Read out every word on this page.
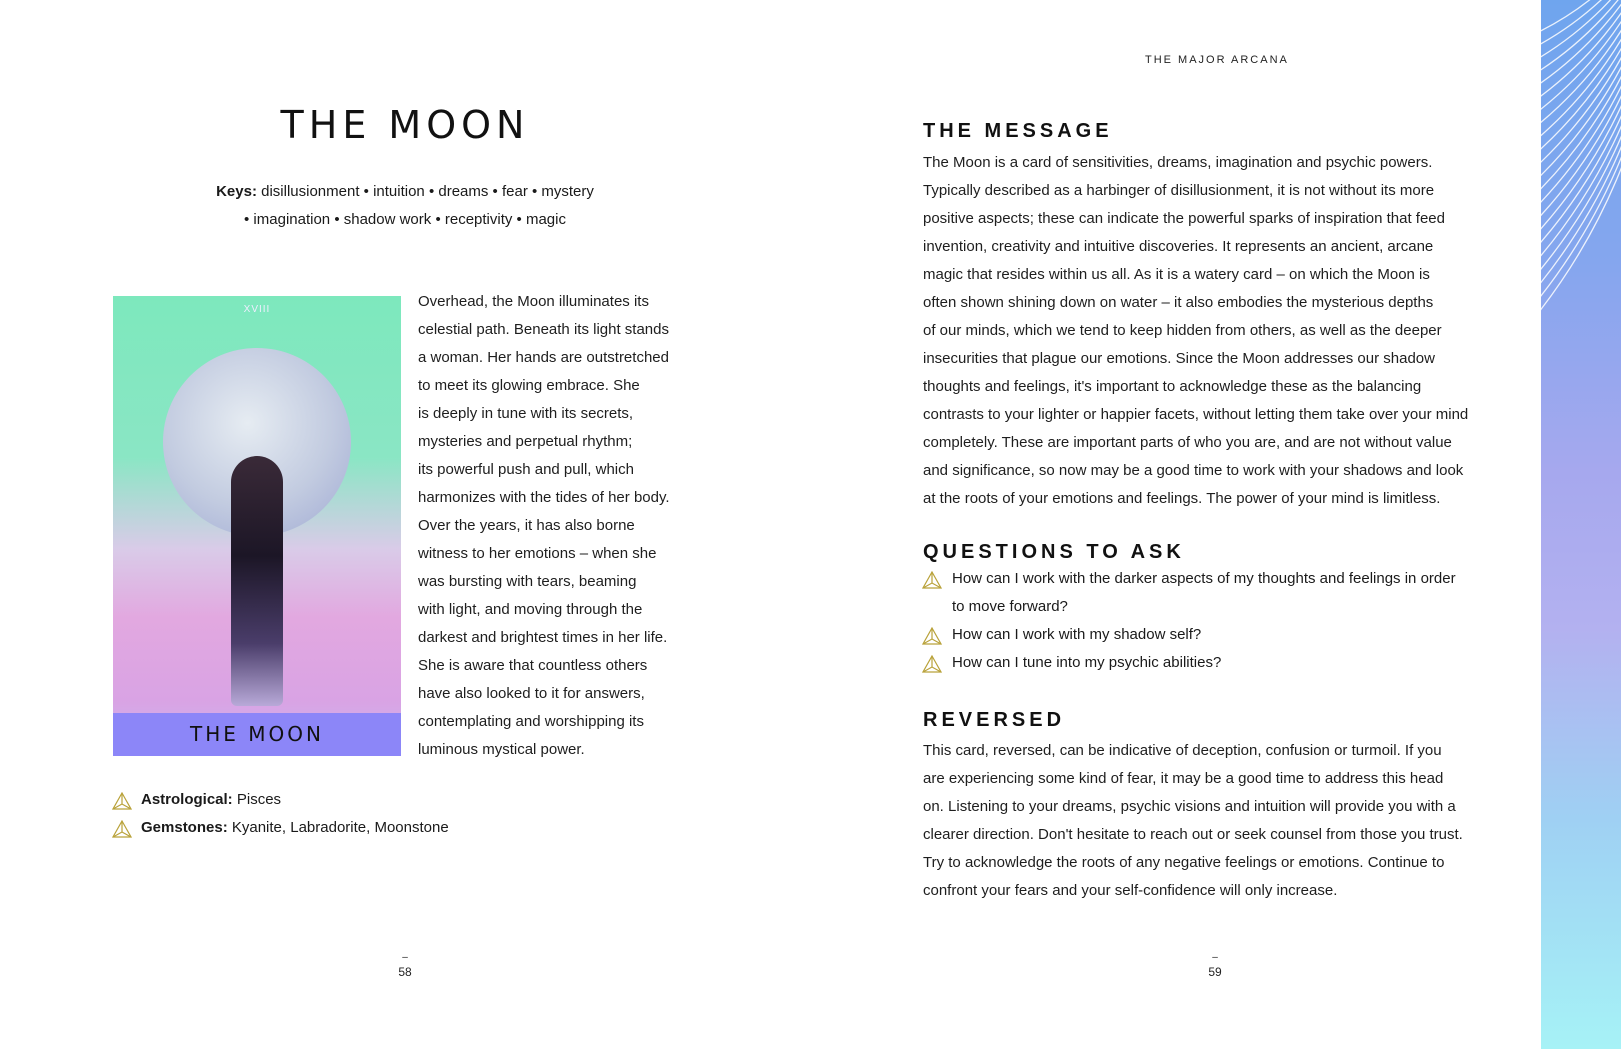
THE MOON
Keys: disillusionment • intuition • dreams • fear • mystery
• imagination • shadow work • receptivity • magic
XVIII
THE MOON
Overhead, the Moon illuminates its
celestial path. Beneath its light stands
a woman. Her hands are outstretched
to meet its glowing embrace. She
is deeply in tune with its secrets,
mysteries and perpetual rhythm;
its powerful push and pull, which
harmonizes with the tides of her body.
Over the years, it has also borne
witness to her emotions – when she
was bursting with tears, beaming
with light, and moving through the
darkest and brightest times in her life.
She is aware that countless others
have also looked to it for answers,
contemplating and worshipping its
luminous mystical power.
Astrological: Pisces
Gemstones: Kyanite, Labradorite, Moonstone
THE MAJOR ARCANA
THE MESSAGE
The Moon is a card of sensitivities, dreams, imagination and psychic powers.
Typically described as a harbinger of disillusionment, it is not without its more
positive aspects; these can indicate the powerful sparks of inspiration that feed
invention, creativity and intuitive discoveries. It represents an ancient, arcane
magic that resides within us all. As it is a watery card – on which the Moon is
often shown shining down on water – it also embodies the mysterious depths
of our minds, which we tend to keep hidden from others, as well as the deeper
insecurities that plague our emotions. Since the Moon addresses our shadow
thoughts and feelings, it's important to acknowledge these as the balancing
contrasts to your lighter or happier facets, without letting them take over your mind
completely. These are important parts of who you are, and are not without value
and significance, so now may be a good time to work with your shadows and look
at the roots of your emotions and feelings. The power of your mind is limitless.
QUESTIONS TO ASK
How can I work with the darker aspects of my thoughts and feelings in order
to move forward?
How can I work with my shadow self?
How can I tune into my psychic abilities?
REVERSED
This card, reversed, can be indicative of deception, confusion or turmoil. If you
are experiencing some kind of fear, it may be a good time to address this head
on. Listening to your dreams, psychic visions and intuition will provide you with a
clearer direction. Don't hesitate to reach out or seek counsel from those you trust.
Try to acknowledge the roots of any negative feelings or emotions. Continue to
confront your fears and your self-confidence will only increase.
–
58
–
59
